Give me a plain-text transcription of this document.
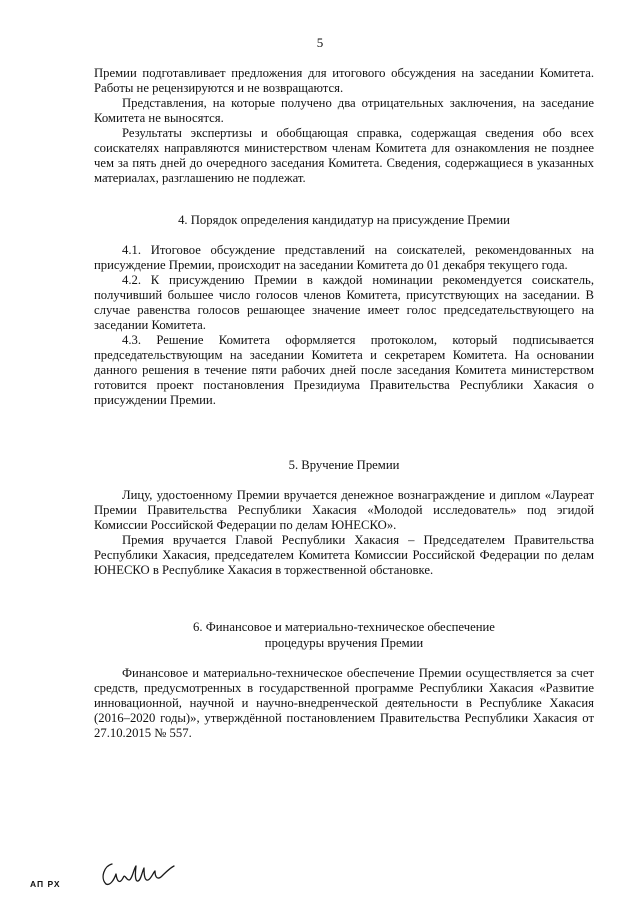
5

Премии подготавливает предложения для итогового обсуждения на заседании Комитета. Работы не рецензируются и не возвращаются.

Представления, на которые получено два отрицательных заключения, на заседание Комитета не выносятся.

Результаты экспертизы и обобщающая справка, содержащая сведения обо всех соискателях направляются министерством членам Комитета для ознакомления не позднее чем за пять дней до очередного заседания Комитета. Сведения, содержащиеся в указанных материалах, разглашению не подлежат.

4. Порядок определения кандидатур на присуждение Премии

4.1. Итоговое обсуждение представлений на соискателей, рекомендованных на присуждение Премии, происходит на заседании Комитета до 01 декабря текущего года.

4.2. К присуждению Премии в каждой номинации рекомендуется соискатель, получивший большее число голосов членов Комитета, присутствующих на заседании. В случае равенства голосов решающее значение имеет голос председательствующего на заседании Комитета.

4.3. Решение Комитета оформляется протоколом, который подписывается председательствующим на заседании Комитета и секретарем Комитета. На основании данного решения в течение пяти рабочих дней после заседания Комитета министерством готовится проект постановления Президиума Правительства Республики Хакасия о присуждении Премии.

5. Вручение Премии

Лицу, удостоенному Премии вручается денежное вознаграждение и диплом «Лауреат Премии Правительства Республики Хакасия «Молодой исследователь» под эгидой Комиссии Российской Федерации по делам ЮНЕСКО».

Премия вручается Главой Республики Хакасия – Председателем Правительства Республики Хакасия, председателем Комитета Комиссии Российской Федерации по делам ЮНЕСКО в Республике Хакасия в торжественной обстановке.

6. Финансовое и материально-техническое обеспечение
процедуры вручения Премии

Финансовое и материально-техническое обеспечение Премии осуществляется за счет средств, предусмотренных в государственной программе Республики Хакасия «Развитие инновационной, научной и научно-внедренческой деятельности в Республике Хакасия (2016–2020 годы)», утверждённой постановлением Правительства Республики Хакасия от 27.10.2015 № 557.

АП РХ
